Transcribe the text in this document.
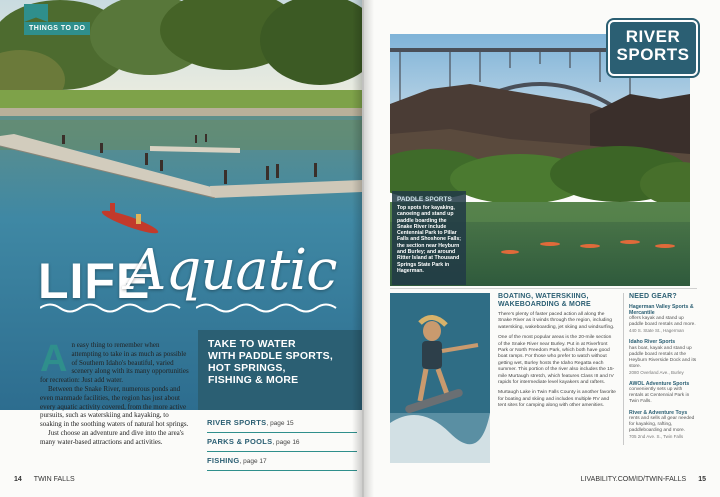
THINGS TO DO
LIFE
Aquatic
TAKE TO WATER
WITH PADDLE SPORTS,
HOT SPRINGS,
FISHING & MORE
A n easy thing to remember when attempting to take in as much as possible of Southern Idaho's beautiful, varied scenery along with its many opportunities for recreation: Just add water.

Between the Snake River, numerous ponds and even manmade facilities, the region has just about every aquatic activity covered, from the more active pursuits, such as waterskiing and kayaking, to soaking in the soothing waters of natural hot springs.

Just choose an adventure and dive into the area's many water-based attractions and activities.

RIVER SPORTS, page 15
PARKS & POOLS, page 16
FISHING, page 17
14 TWIN FALLS
RIVER
SPORTS
PADDLE SPORTS
Top spots for kayaking, canoeing and stand up paddle boarding the Snake River include Centennial Park to Pillar Falls and Shoshone Falls; the section near Heyburn and Burley; and around Ritter Island at Thousand Springs State Park in Hagerman.
BOATING, WATERSKIING, WAKEBOARDING & MORE

There's plenty of faster paced action all along the Snake River as it winds through the region, including waterskiing, wakeboarding, jet skiing and windsurfing.

One of the most popular areas is the 20-mile section of the Snake River near Burley. Put in at Riverfront Park or North Freedom Park, which both have good boat ramps. For those who prefer to watch without getting wet, Burley hosts the Idaho Regatta each summer. This portion of the river also includes the 15-mile Murtaugh stretch, which features Class III and IV rapids for intermediate level kayakers and rafters.

Murtaugh Lake in Twin Falls County is another favorite for boating and skiing and includes multiple RV and tent sites for camping along with other amenities.

NEED GEAR?
Hagerman Valley Sports & Mercantile
offers kayak and stand up paddle board rentals and more.
440 S. State St., Hagerman
Idaho River Sports
has boat, kayak and stand up paddle board rentals at the Heyburn Riverside Dock and its store.
2080 Overland Ave., Burley
AWOL Adventure Sports
conveniently sets up with rentals at Centennial Park in Twin Falls.
River & Adventure Toys
rents and sells all gear needed for kayaking, rafting, paddleboarding and more.
705 2nd Ave. S., Twin Falls
LIVABILITY.COM/ID/TWIN-FALLS 15
